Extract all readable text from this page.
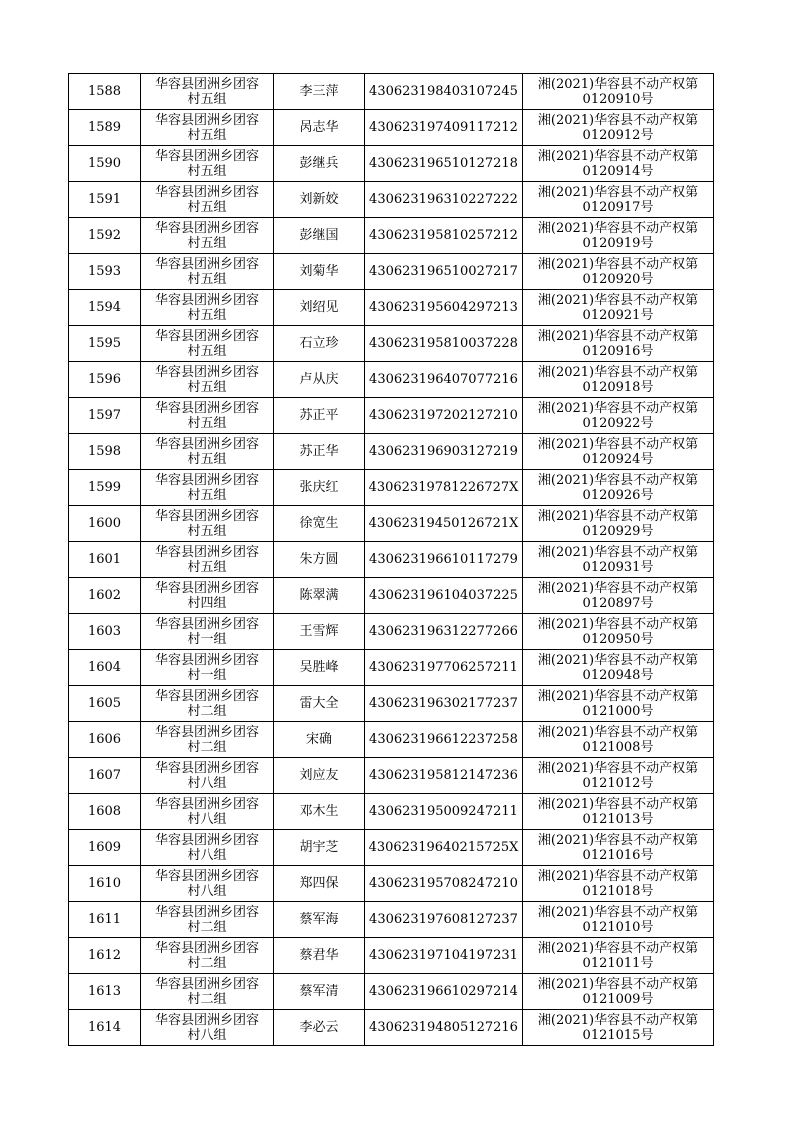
1588	华容县团洲乡团容
村五组	李三萍	430623198403107245	湘(2021)华容县不动产权第
0120910号

1589	华容县团洲乡团容
村五组	呙志华	430623197409117212	湘(2021)华容县不动产权第
0120912号

1590	华容县团洲乡团容
村五组	彭继兵	430623196510127218	湘(2021)华容县不动产权第
0120914号

1591	华容县团洲乡团容
村五组	刘新姣	430623196310227222	湘(2021)华容县不动产权第
0120917号

1592	华容县团洲乡团容
村五组	彭继国	430623195810257212	湘(2021)华容县不动产权第
0120919号

1593	华容县团洲乡团容
村五组	刘菊华	430623196510027217	湘(2021)华容县不动产权第
0120920号

1594	华容县团洲乡团容
村五组	刘绍见	430623195604297213	湘(2021)华容县不动产权第
0120921号

1595	华容县团洲乡团容
村五组	石立珍	430623195810037228	湘(2021)华容县不动产权第
0120916号

1596	华容县团洲乡团容
村五组	卢从庆	430623196407077216	湘(2021)华容县不动产权第
0120918号

1597	华容县团洲乡团容
村五组	苏正平	430623197202127210	湘(2021)华容县不动产权第
0120922号

1598	华容县团洲乡团容
村五组	苏正华	430623196903127219	湘(2021)华容县不动产权第
0120924号

1599	华容县团洲乡团容
村五组	张庆红	43062319781226727X	湘(2021)华容县不动产权第
0120926号

1600	华容县团洲乡团容
村五组	徐宽生	43062319450126721X	湘(2021)华容县不动产权第
0120929号

1601	华容县团洲乡团容
村五组	朱方圆	430623196610117279	湘(2021)华容县不动产权第
0120931号

1602	华容县团洲乡团容
村四组	陈翠满	430623196104037225	湘(2021)华容县不动产权第
0120897号

1603	华容县团洲乡团容
村一组	王雪辉	430623196312277266	湘(2021)华容县不动产权第
0120950号

1604	华容县团洲乡团容
村一组	吴胜峰	430623197706257211	湘(2021)华容县不动产权第
0120948号

1605	华容县团洲乡团容
村二组	雷大全	430623196302177237	湘(2021)华容县不动产权第
0121000号

1606	华容县团洲乡团容
村二组	宋确	430623196612237258	湘(2021)华容县不动产权第
0121008号

1607	华容县团洲乡团容
村八组	刘应友	430623195812147236	湘(2021)华容县不动产权第
0121012号

1608	华容县团洲乡团容
村八组	邓木生	430623195009247211	湘(2021)华容县不动产权第
0121013号

1609	华容县团洲乡团容
村八组	胡宇芝	43062319640215725X	湘(2021)华容县不动产权第
0121016号

1610	华容县团洲乡团容
村八组	郑四保	430623195708247210	湘(2021)华容县不动产权第
0121018号

1611	华容县团洲乡团容
村二组	蔡军海	430623197608127237	湘(2021)华容县不动产权第
0121010号

1612	华容县团洲乡团容
村二组	蔡君华	430623197104197231	湘(2021)华容县不动产权第
0121011号

1613	华容县团洲乡团容
村二组	蔡军清	430623196610297214	湘(2021)华容县不动产权第
0121009号

1614	华容县团洲乡团容
村八组	李必云	430623194805127216	湘(2021)华容县不动产权第
0121015号
